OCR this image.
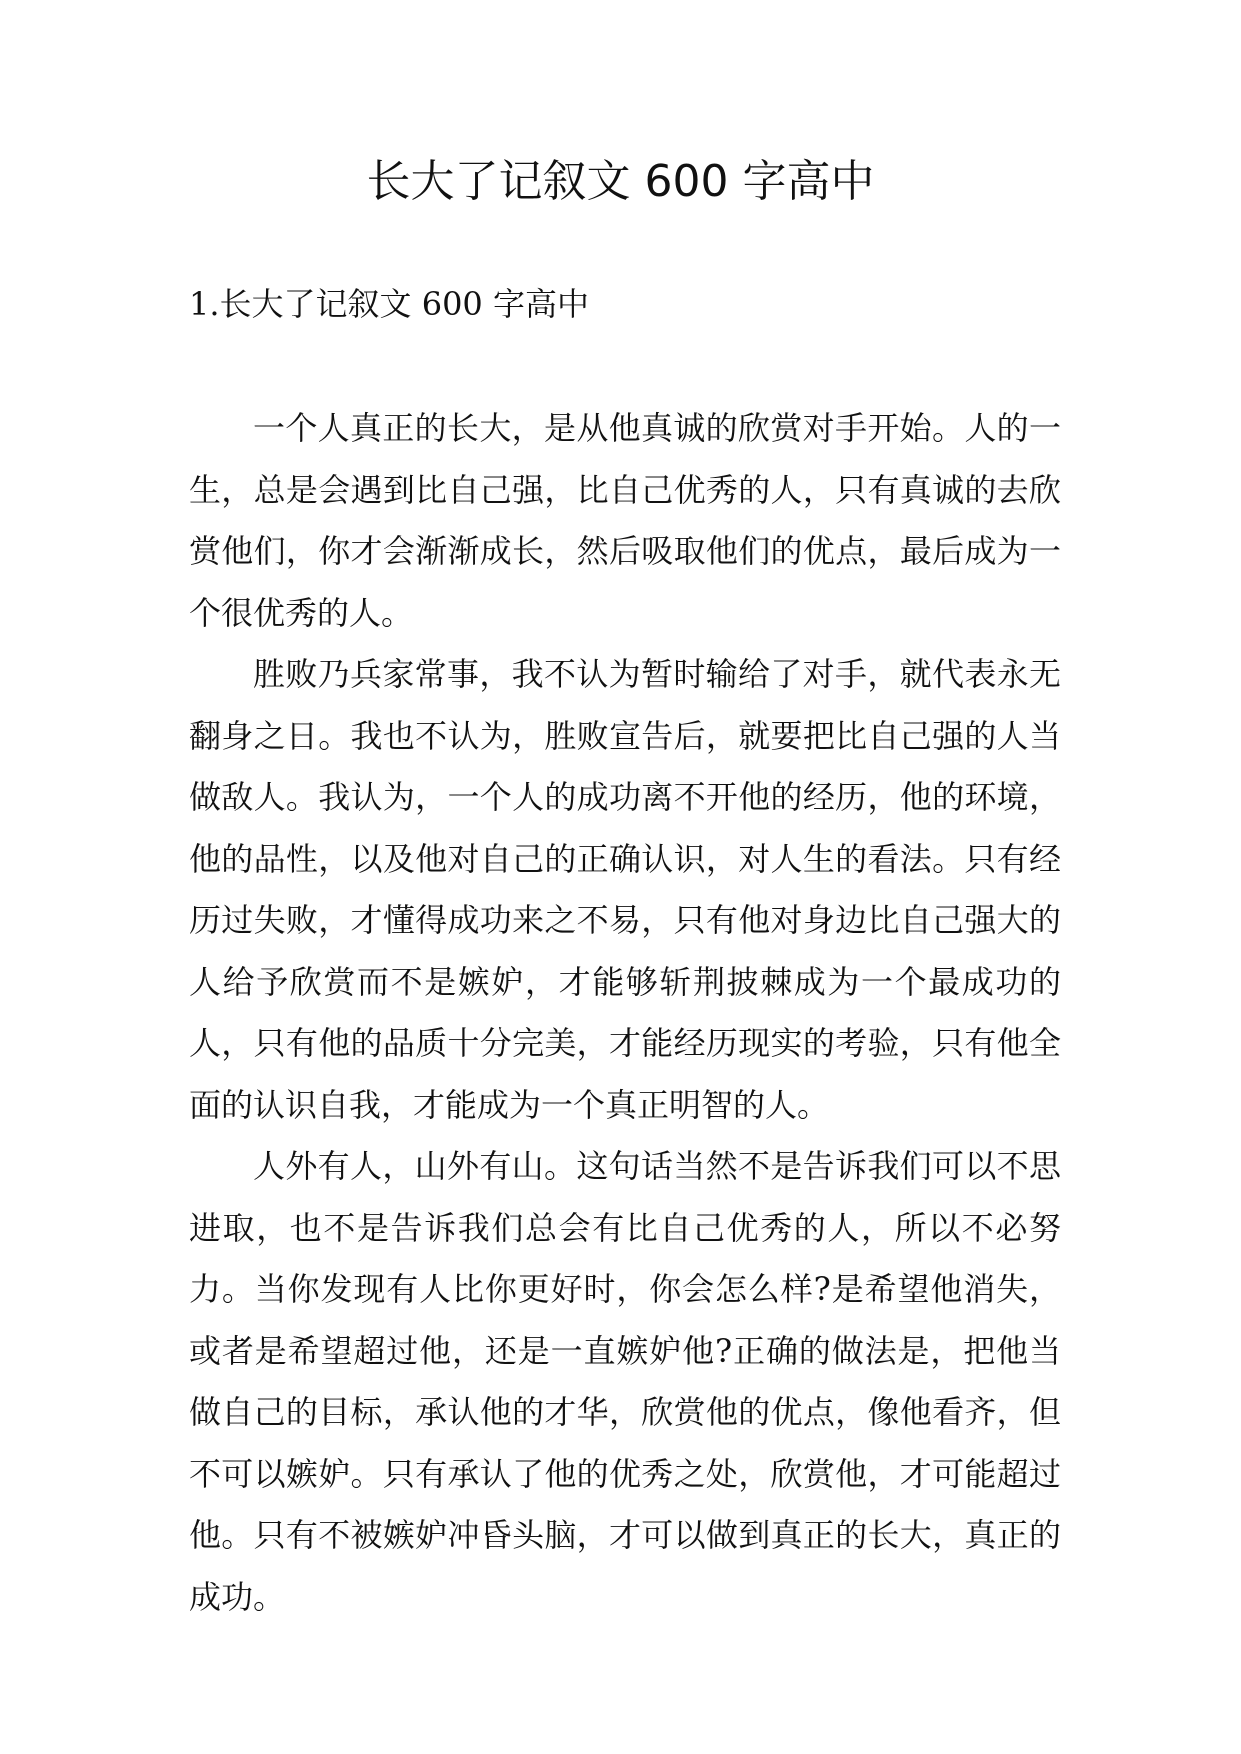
长大了记叙文 600 字高中
1.长大了记叙文 600 字高中

一个人真正的长大，是从他真诚的欣赏对手开始。人的一生，总是会遇到比自己强，比自己优秀的人，只有真诚的去欣赏他们，你才会渐渐成长，然后吸取他们的优点，最后成为一个很优秀的人。

胜败乃兵家常事，我不认为暂时输给了对手，就代表永无翻身之日。我也不认为，胜败宣告后，就要把比自己强的人当做敌人。我认为，一个人的成功离不开他的经历，他的环境，他的品性，以及他对自己的正确认识，对人生的看法。只有经历过失败，才懂得成功来之不易，只有他对身边比自己强大的人给予欣赏而不是嫉妒，才能够斩荆披棘成为一个最成功的人，只有他的品质十分完美，才能经历现实的考验，只有他全面的认识自我，才能成为一个真正明智的人。

人外有人，山外有山。这句话当然不是告诉我们可以不思进取，也不是告诉我们总会有比自己优秀的人，所以不必努力。当你发现有人比你更好时，你会怎么样?是希望他消失，或者是希望超过他，还是一直嫉妒他?正确的做法是，把他当做自己的目标，承认他的才华，欣赏他的优点，像他看齐，但不可以嫉妒。只有承认了他的优秀之处，欣赏他，才可能超过他。只有不被嫉妒冲昏头脑，才可以做到真正的长大，真正的成功。
